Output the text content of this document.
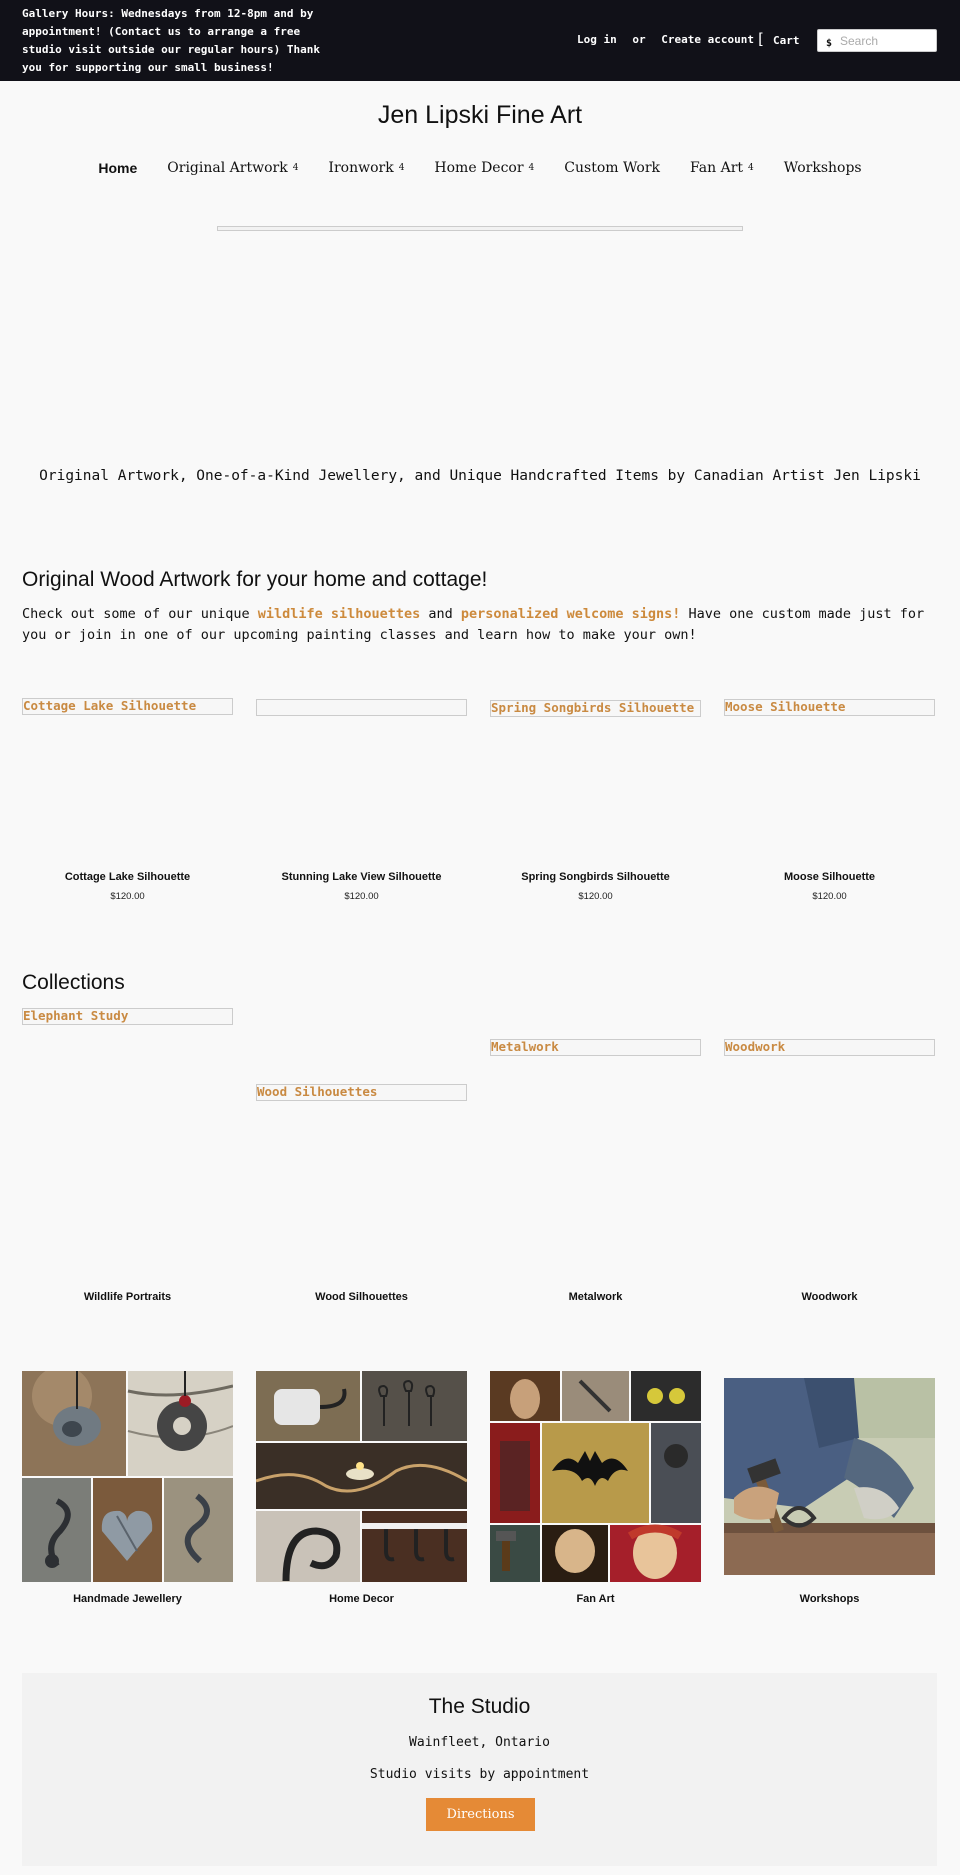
Gallery Hours: Wednesdays from 12-8pm and by appointment! (Contact us to arrange a free studio visit outside our regular hours) Thank you for supporting our small business!
Log in or Create account [ Cart	$
Search
Jen Lipski Fine Art
Home Original Artwork 4 Ironwork 4 Home Decor 4 Custom Work Fan Art 4 Workshops
Original Artwork, One-of-a-Kind Jewellery, and Unique Handcrafted Items by Canadian Artist Jen Lipski
Original Wood Artwork for your home and cottage!
Check out some of our unique wildlife silhouettes and personalized welcome signs! Have one custom made just for you or join in one of our upcoming painting classes and learn how to make your own!
Cottage Lake Silhouette	Spring Songbirds Silhouette	Moose Silhouette
Cottage Lake Silhouette	Stunning Lake View Silhouette	Spring Songbirds Silhouette	Moose Silhouette
$120.00	$120.00	$120.00	$120.00
Collections
Elephant Study
Wood Silhouettes
Metalwork	Woodwork
Wildlife Portraits	Wood Silhouettes	Metalwork	Woodwork
Handmade Jewellery	Home Decor	Fan Art	Workshops
The Studio
Wainfleet, Ontario
Studio visits by appointment
Directions
